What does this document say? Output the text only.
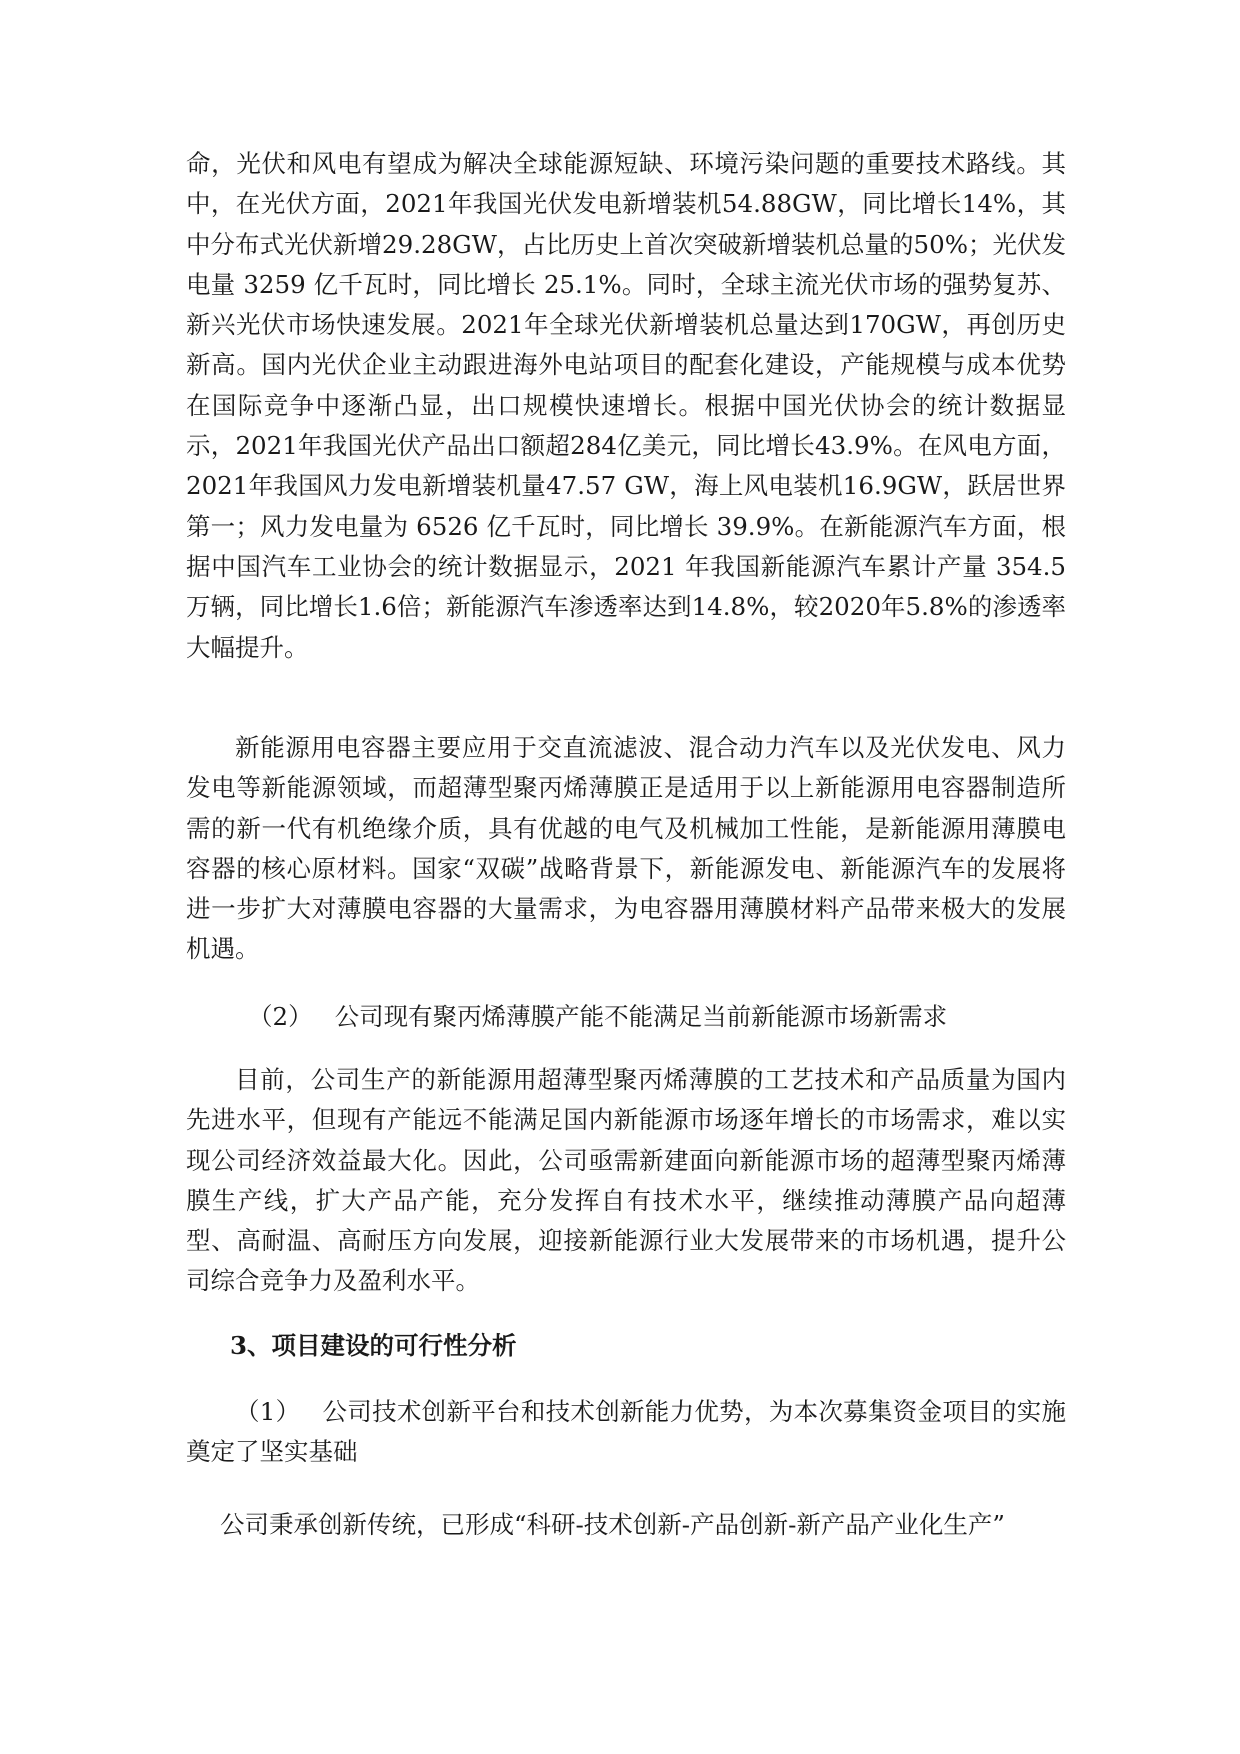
命，光伏和风电有望成为解决全球能源短缺、环境污染问题的重要技术路线。其中，在光伏方面，2021年我国光伏发电新增装机54.88GW，同比增长14%，其中分布式光伏新增29.28GW，占比历史上首次突破新增装机总量的50%；光伏发电量 3259 亿千瓦时，同比增长 25.1%。同时，全球主流光伏市场的强势复苏、新兴光伏市场快速发展。2021年全球光伏新增装机总量达到170GW，再创历史新高。国内光伏企业主动跟进海外电站项目的配套化建设，产能规模与成本优势在国际竞争中逐渐凸显，出口规模快速增长。根据中国光伏协会的统计数据显示，2021年我国光伏产品出口额超284亿美元，同比增长43.9%。在风电方面，2021年我国风力发电新增装机量47.57 GW，海上风电装机16.9GW，跃居世界第一；风力发电量为 6526 亿千瓦时，同比增长 39.9%。在新能源汽车方面，根据中国汽车工业协会的统计数据显示，2021 年我国新能源汽车累计产量 354.5 万辆，同比增长1.6倍；新能源汽车渗透率达到14.8%，较2020年5.8%的渗透率大幅提升。

新能源用电容器主要应用于交直流滤波、混合动力汽车以及光伏发电、风力发电等新能源领域，而超薄型聚丙烯薄膜正是适用于以上新能源用电容器制造所需的新一代有机绝缘介质，具有优越的电气及机械加工性能，是新能源用薄膜电容器的核心原材料。国家“双碳”战略背景下，新能源发电、新能源汽车的发展将进一步扩大对薄膜电容器的大量需求，为电容器用薄膜材料产品带来极大的发展机遇。

（2） 公司现有聚丙烯薄膜产能不能满足当前新能源市场新需求

目前，公司生产的新能源用超薄型聚丙烯薄膜的工艺技术和产品质量为国内先进水平，但现有产能远不能满足国内新能源市场逐年增长的市场需求，难以实现公司经济效益最大化。因此，公司亟需新建面向新能源市场的超薄型聚丙烯薄膜生产线，扩大产品产能，充分发挥自有技术水平，继续推动薄膜产品向超薄型、高耐温、高耐压方向发展，迎接新能源行业大发展带来的市场机遇，提升公司综合竞争力及盈利水平。

3、项目建设的可行性分析

（1） 公司技术创新平台和技术创新能力优势，为本次募集资金项目的实施奠定了坚实基础

公司秉承创新传统，已形成“科研-技术创新-产品创新-新产品产业化生产”
